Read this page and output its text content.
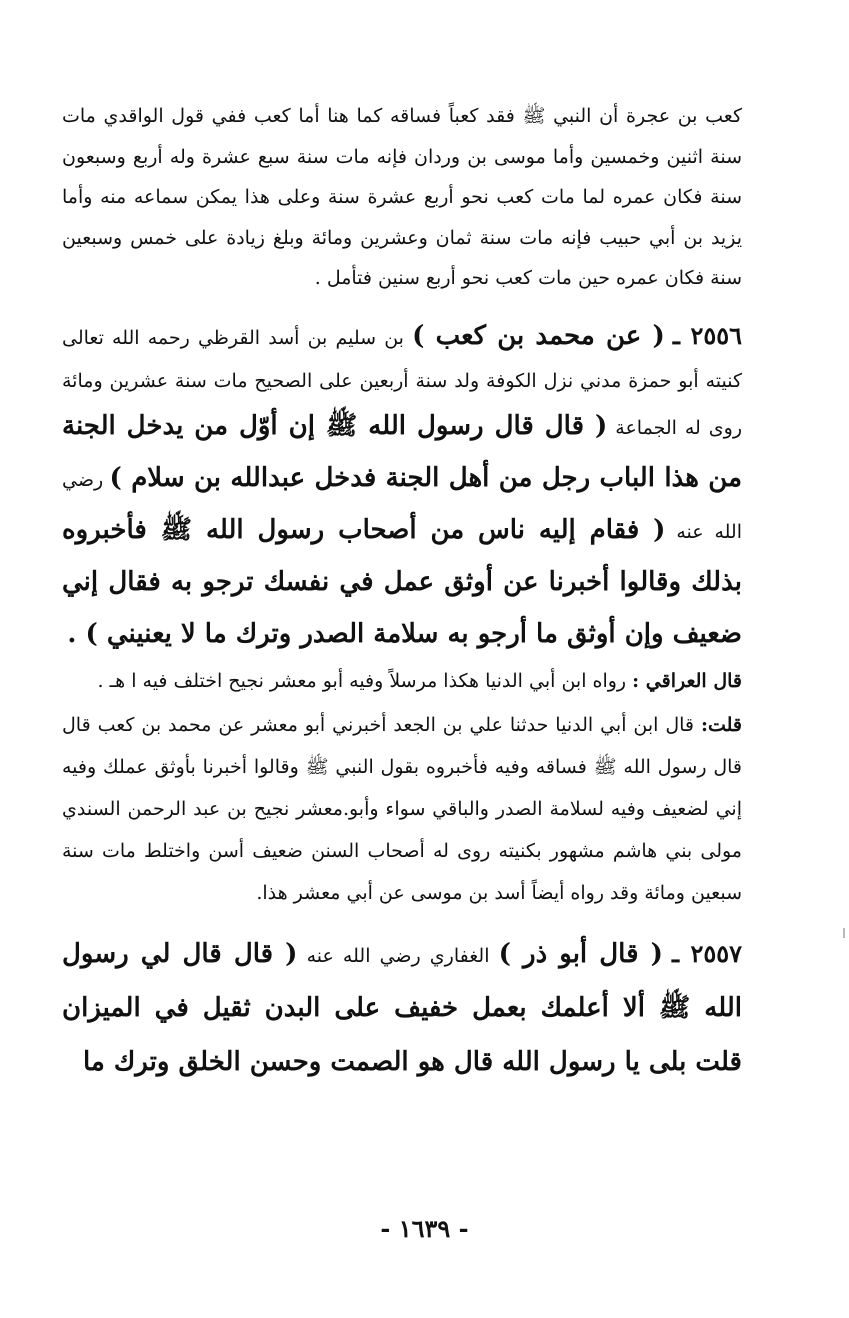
كعب بن عجرة أن النبي ﷺ فقد كعباً فساقه كما هنا أما كعب ففي قول الواقدي مات سنة اثنين وخمسين وأما موسى بن وردان فإنه مات سنة سبع عشرة وله أربع وسبعون سنة فكان عمره لما مات كعب نحو أربع عشرة سنة وعلى هذا يمكن سماعه منه وأما يزيد بن أبي حبيب فإنه مات سنة ثمان وعشرين ومائة وبلغ زيادة على خمس وسبعين سنة فكان عمره حين مات كعب نحو أربع سنين فتأمل .

٢٥٥٦ ـ ( عن محمد بن كعب ) بن سليم بن أسد القرظي رحمه الله تعالى كنيته أبو حمزة مدني نزل الكوفة ولد سنة أربعين على الصحيح مات سنة عشرين ومائة روى له الجماعة ( قال قال رسول الله ﷺ إن أوّل من يدخل الجنة من هذا الباب رجل من أهل الجنة فدخل عبدالله بن سلام ) رضي الله عنه ( فقام إليه ناس من أصحاب رسول الله ﷺ فأخبروه بذلك وقالوا أخبرنا عن أوثق عمل في نفسك ترجو به فقال إني ضعيف وإن أوثق ما أرجو به سلامة الصدر وترك ما لا يعنيني ) .

قال العراقي : رواه ابن أبي الدنيا هكذا مرسلاً وفيه أبو معشر نجيح اختلف فيه ا هـ .

قلت: قال ابن أبي الدنيا حدثنا علي بن الجعد أخبرني أبو معشر عن محمد بن كعب قال قال رسول الله ﷺ فساقه وفيه فأخبروه بقول النبي ﷺ وقالوا أخبرنا بأوثق عملك وفيه إني لضعيف وفيه لسلامة الصدر والباقي سواء وأبو.معشر نجيح بن عبد الرحمن السندي مولى بني هاشم مشهور بكنيته روى له أصحاب السنن ضعيف أسن واختلط مات سنة سبعين ومائة وقد رواه أيضاً أسد بن موسى عن أبي معشر هذا.

٢٥٥٧ ـ ( قال أبو ذر ) الغفاري رضي الله عنه ( قال قال لي رسول الله ﷺ ألا أعلمك بعمل خفيف على البدن ثقيل في الميزان قلت بلى يا رسول الله قال هو الصمت وحسن الخلق وترك ما

- ١٦٣٩ -
